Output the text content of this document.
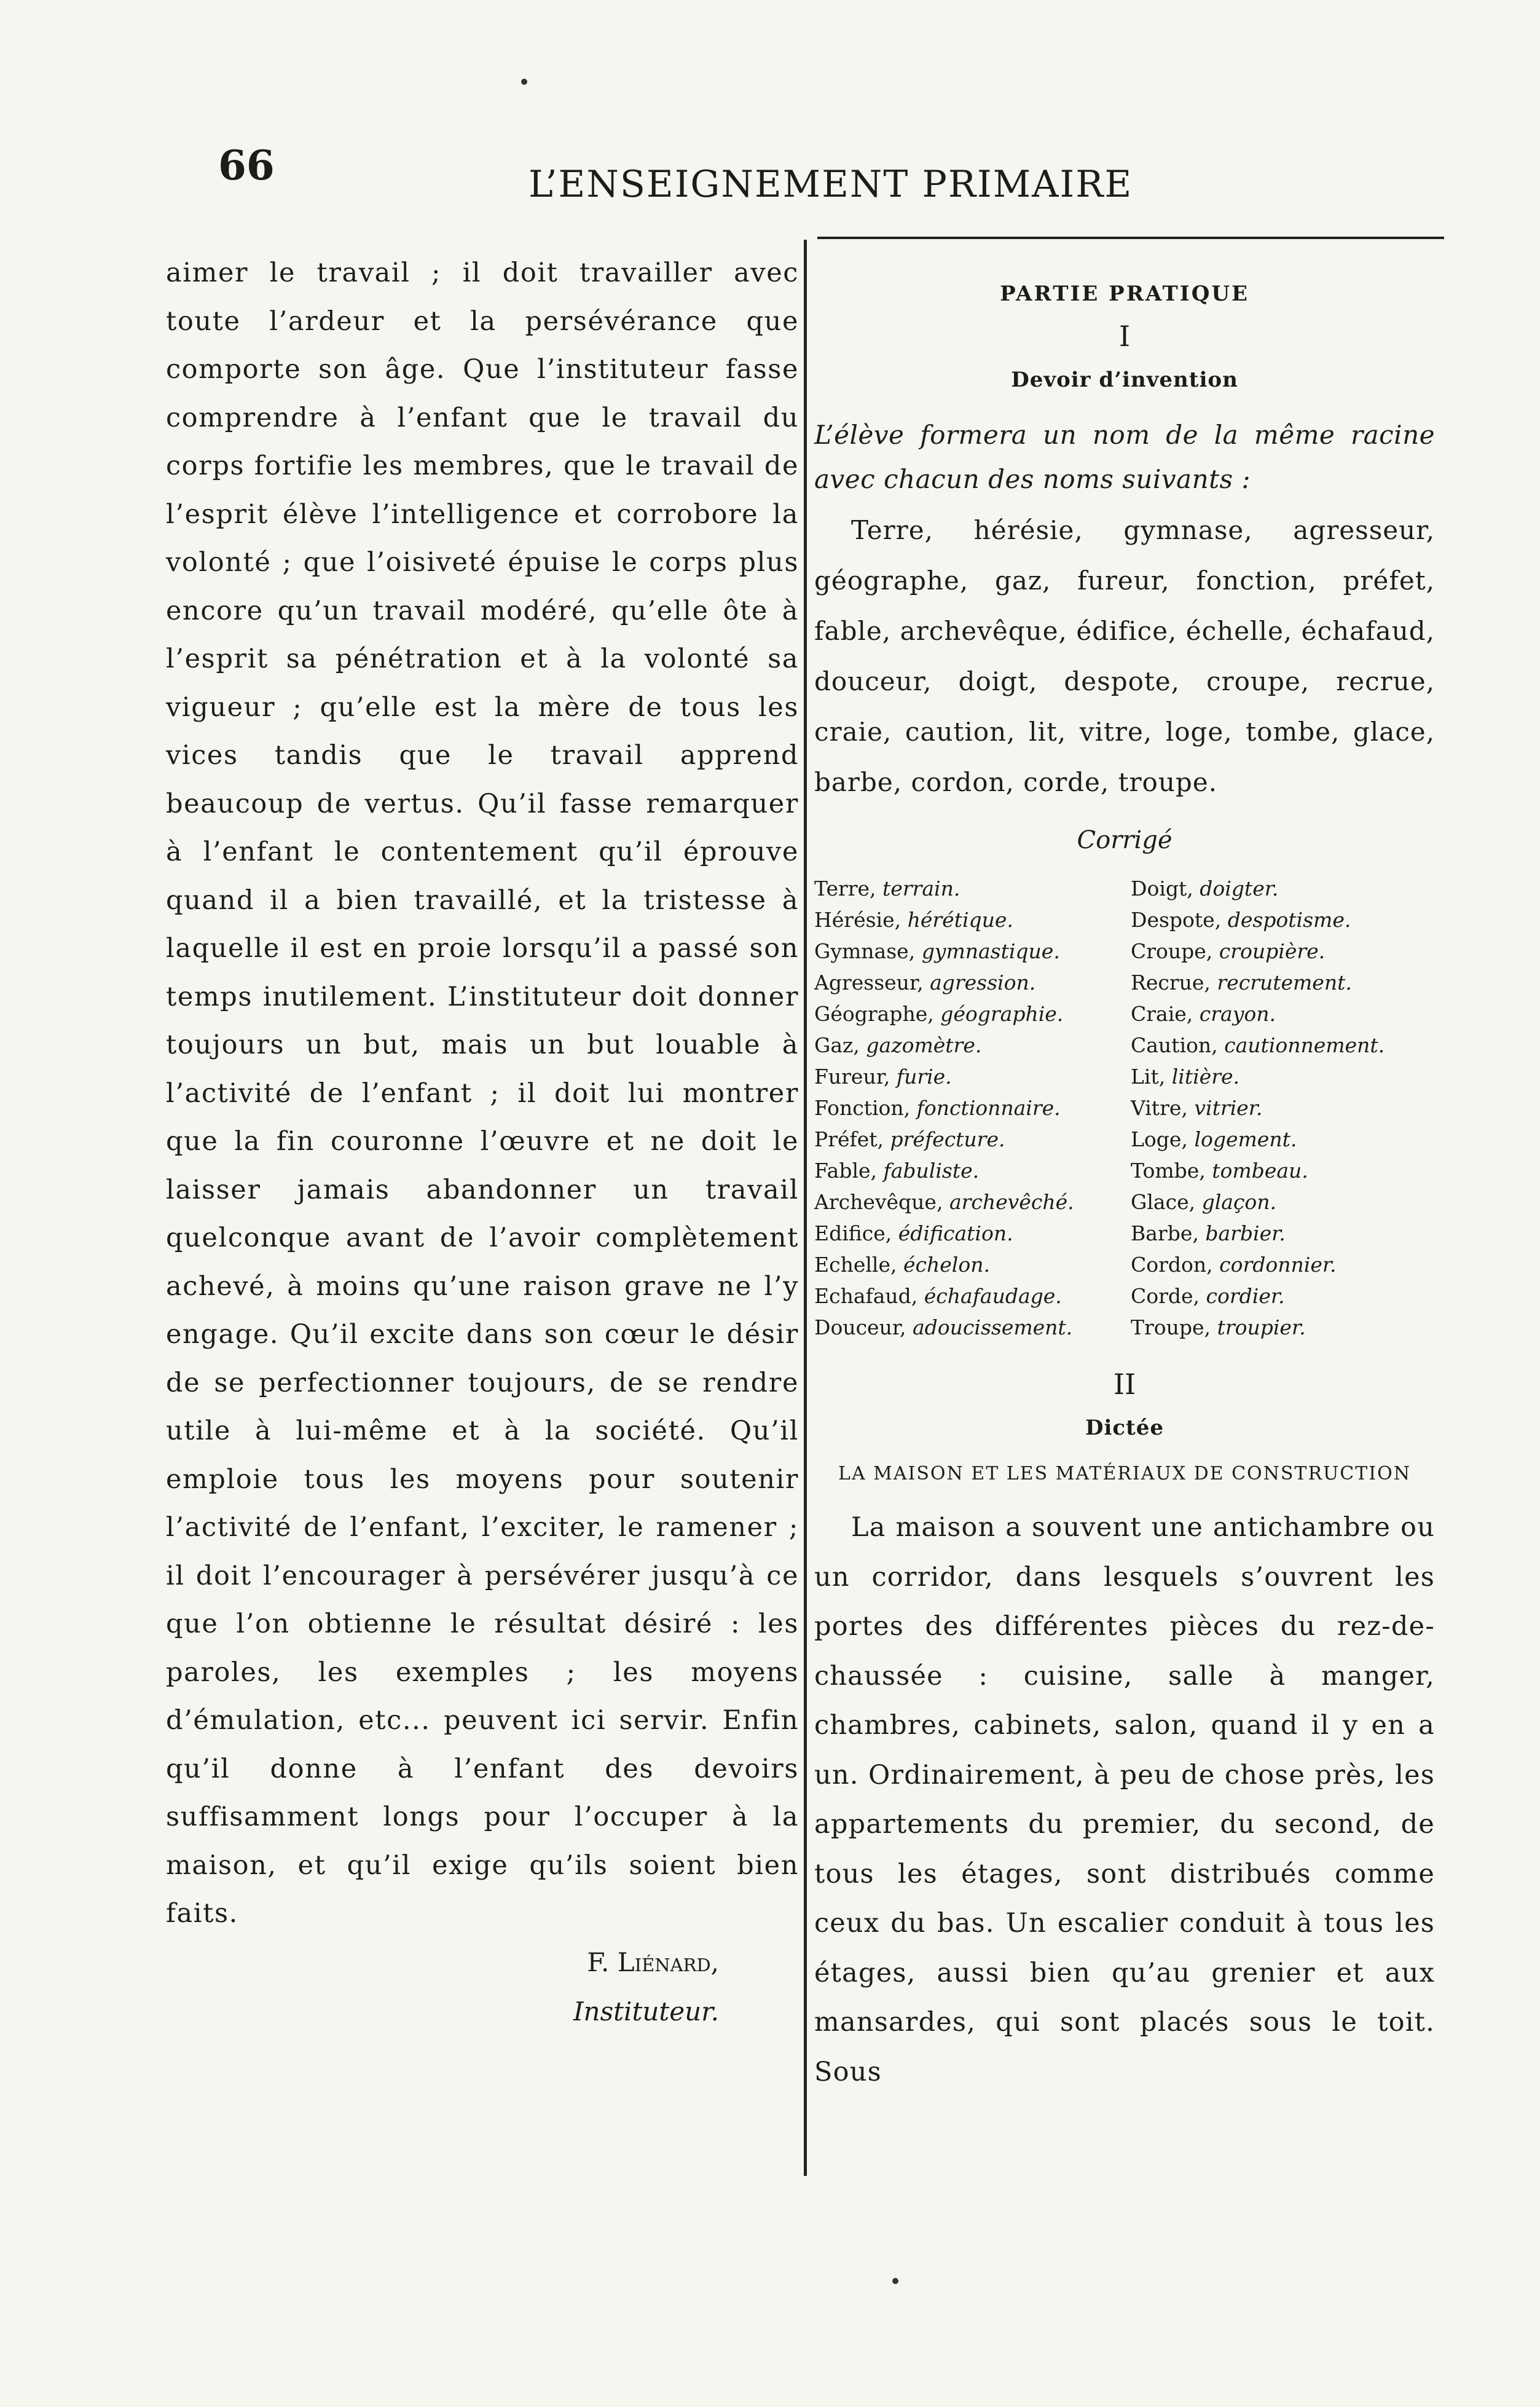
66	L’ENSEIGNEMENT PRIMAIRE

aimer le travail ; il doit travailler avec toute l’ardeur et la persévérance que comporte son âge. Que l’instituteur fasse comprendre à l’enfant que le travail du corps fortifie les membres, que le travail de l’esprit élève l’intelligence et corrobore la volonté ; que l’oisiveté épuise le corps plus encore qu’un travail modéré, qu’elle ôte à l’esprit sa pénétration et à la volonté sa vigueur ; qu’elle est la mère de tous les vices tandis que le travail apprend beaucoup de vertus. Qu’il fasse remarquer à l’enfant le contentement qu’il éprouve quand il a bien travaillé, et la tristesse à laquelle il est en proie lorsqu’il a passé son temps inutilement. L’instituteur doit donner toujours un but, mais un but louable à l’activité de l’enfant ; il doit lui montrer que la fin couronne l’œuvre et ne doit le laisser jamais abandonner un travail quelconque avant de l’avoir complètement achevé, à moins qu’une raison grave ne l’y engage. Qu’il excite dans son cœur le désir de se perfectionner toujours, de se rendre utile à lui-même et à la société. Qu’il emploie tous les moyens pour soutenir l’activité de l’enfant, l’exciter, le ramener ; il doit l’encourager à persévérer jusqu’à ce que l’on obtienne le résultat désiré : les paroles, les exemples ; les moyens d’émulation, etc... peuvent ici servir. Enfin qu’il donne à l’enfant des devoirs suffisamment longs pour l’occuper à la maison, et qu’il exige qu’ils soient bien faits.

F. Liénard,
Instituteur.

PARTIE PRATIQUE
I
Devoir d’invention

L’élève formera un nom de la même racine avec chacun des noms suivants :

Terre, hérésie, gymnase, agresseur, géographe, gaz, fureur, fonction, préfet, fable, archevêque, édifice, échelle, échafaud, douceur, doigt, despote, croupe, recrue, craie, caution, lit, vitre, loge, tombe, glace, barbe, cordon, corde, troupe.

Corrigé
Terre, terrain.
Hérésie, hérétique.
Gymnase, gymnastique.
Agresseur, agression.
Géographe, géographie.
Gaz, gazomètre.
Fureur, furie.
Fonction, fonctionnaire.
Préfet, préfecture.
Fable, fabuliste.
Archevêque, archevêché.
Edifice, édification.
Echelle, échelon.
Echafaud, échafaudage.
Douceur, adoucissement.
Doigt, doigter.
Despote, despotisme.
Croupe, croupière.
Recrue, recrutement.
Craie, crayon.
Caution, cautionnement.
Lit, litière.
Vitre, vitrier.
Loge, logement.
Tombe, tombeau.
Glace, glaçon.
Barbe, barbier.
Cordon, cordonnier.
Corde, cordier.
Troupe, troupier.
II
Dictée
LA MAISON ET LES MATÉRIAUX DE CONSTRUCTION

La maison a souvent une antichambre ou un corridor, dans lesquels s’ouvrent les portes des différentes pièces du rez-de-chaussée : cuisine, salle à manger, chambres, cabinets, salon, quand il y en a un. Ordinairement, à peu de chose près, les appartements du premier, du second, de tous les étages, sont distribués comme ceux du bas. Un escalier conduit à tous les étages, aussi bien qu’au grenier et aux mansardes, qui sont placés sous le toit. Sous
